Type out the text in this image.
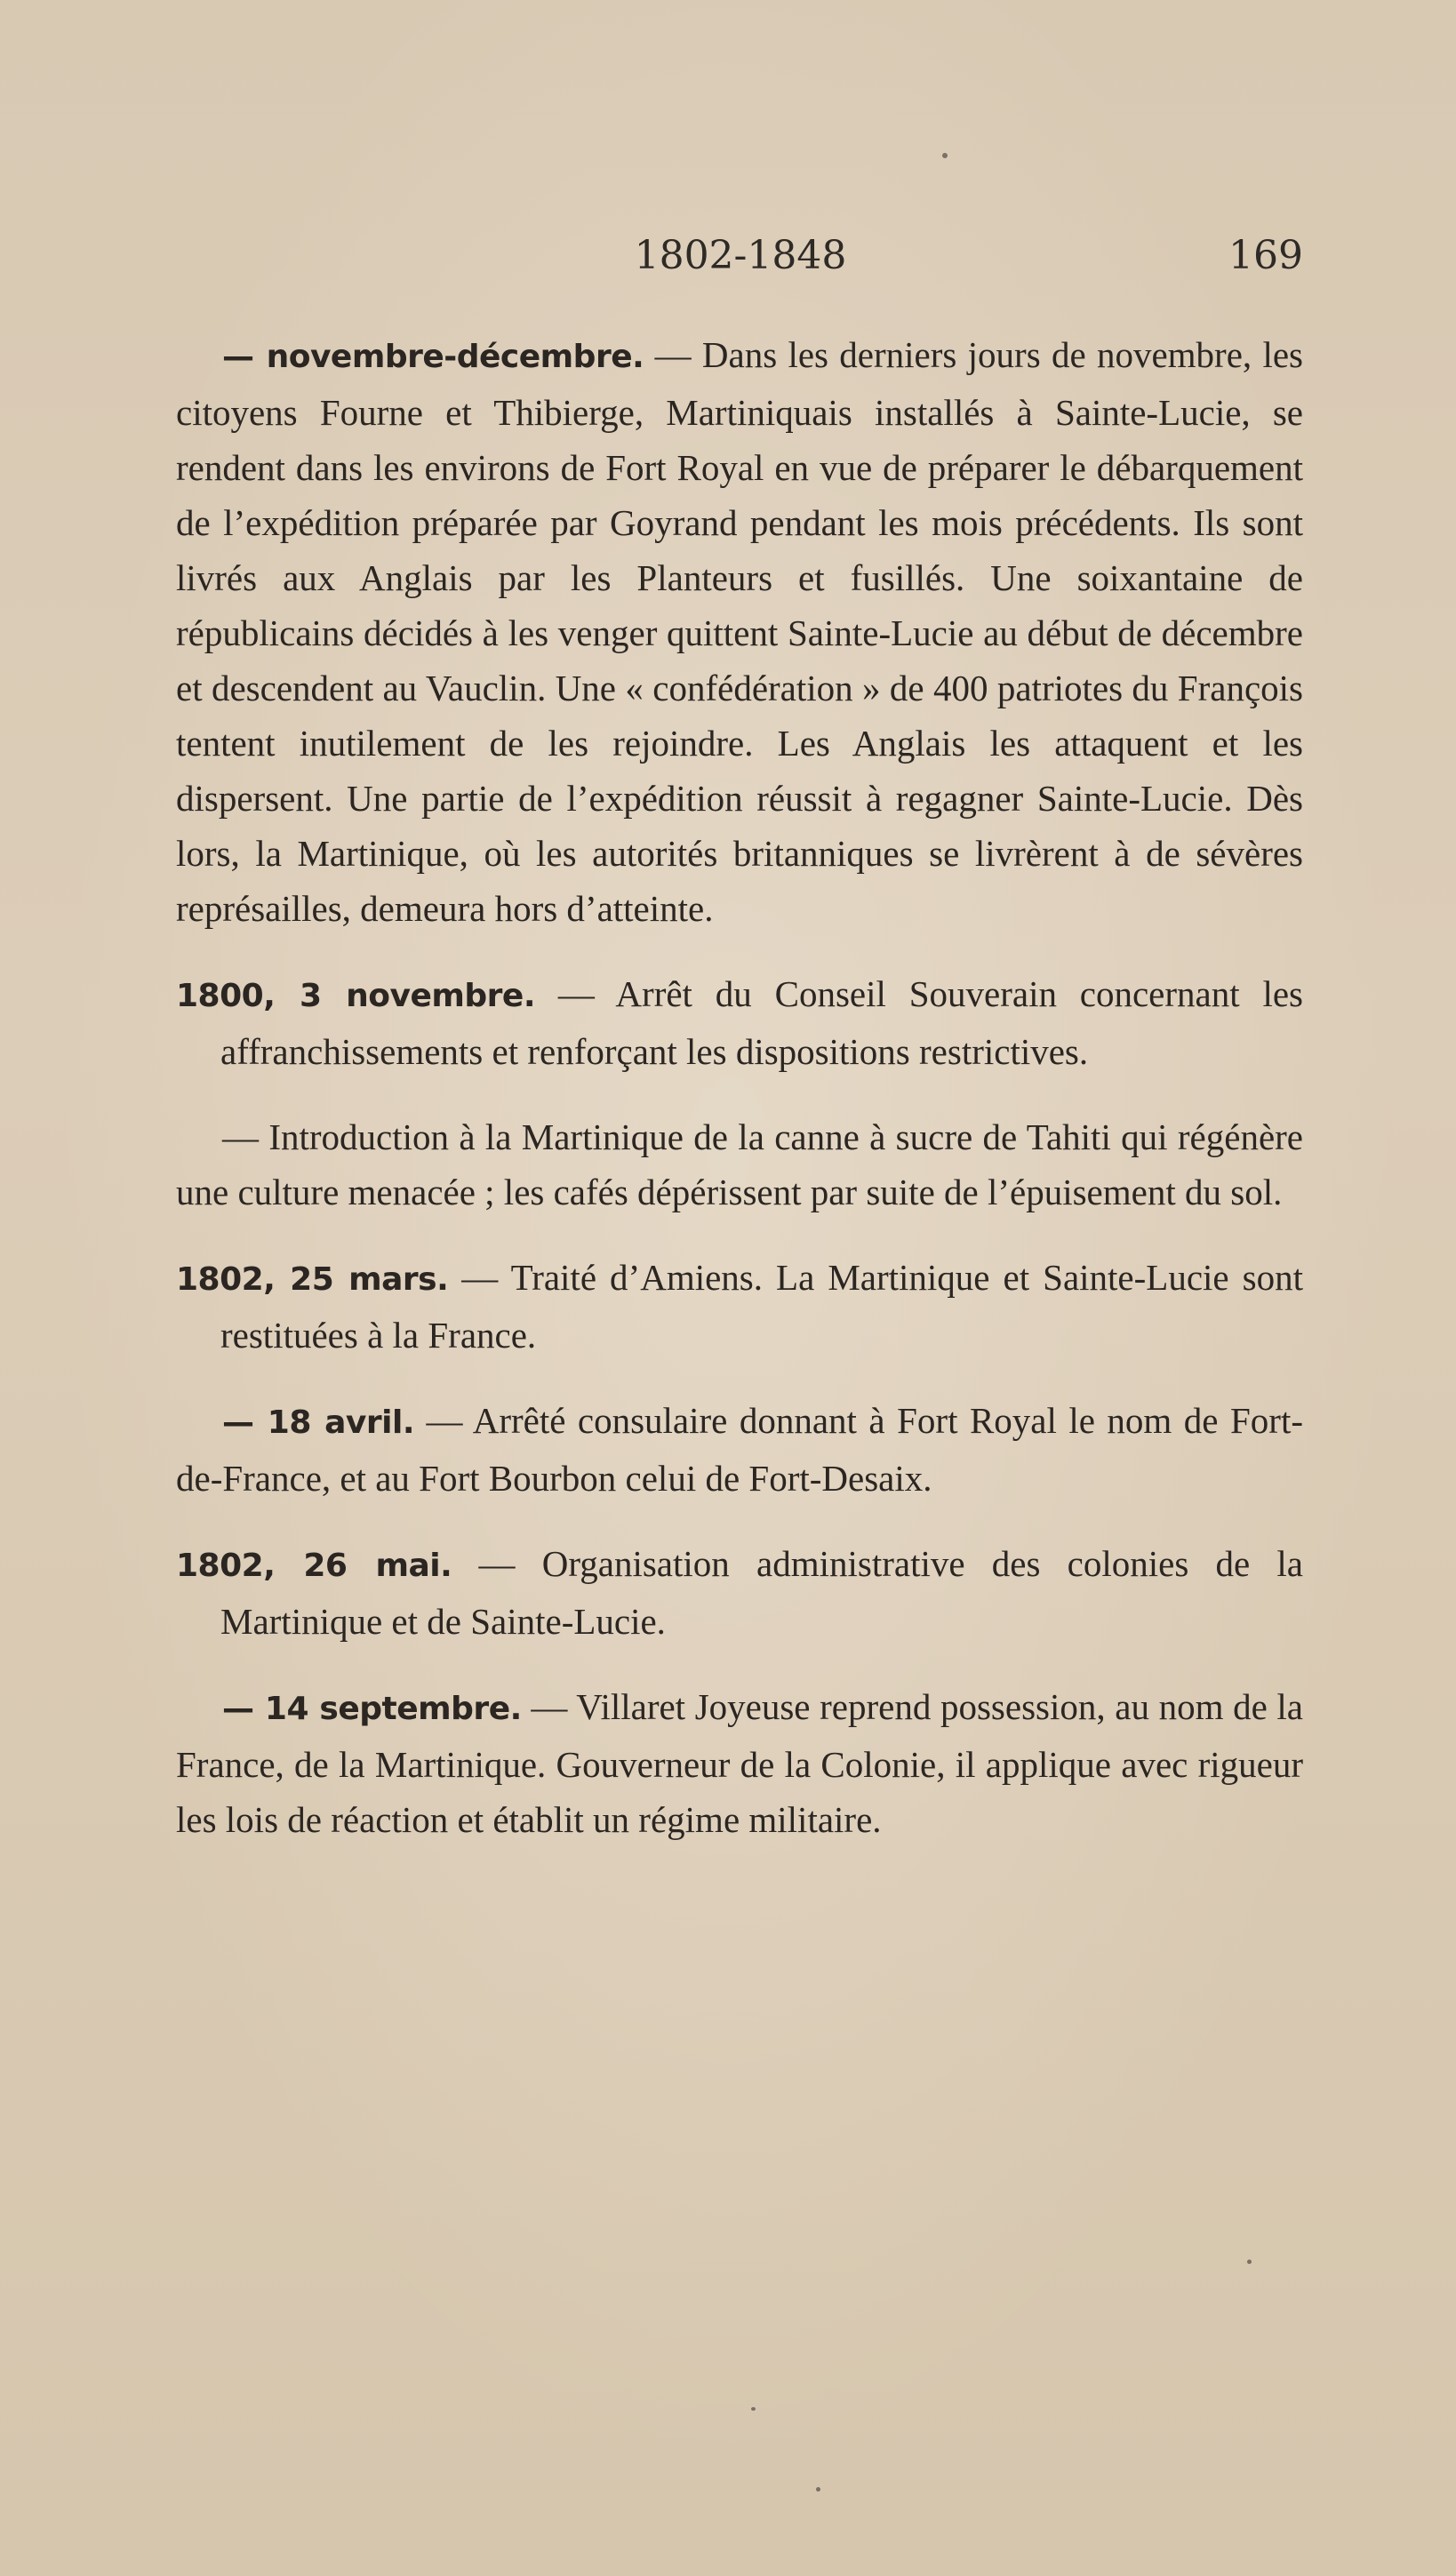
1802-1848	169

— novembre-décembre. — Dans les derniers jours de novembre, les citoyens Fourne et Thibierge, Martiniquais installés à Sainte-Lucie, se rendent dans les environs de Fort Royal en vue de préparer le débarquement de l’expédition préparée par Goyrand pendant les mois précédents. Ils sont livrés aux Anglais par les Planteurs et fusillés. Une soixantaine de républicains décidés à les venger quittent Sainte-Lucie au début de décembre et descendent au Vauclin. Une « confédération » de 400 patriotes du François tentent inutilement de les rejoindre. Les Anglais les attaquent et les dispersent. Une partie de l’expédition réussit à regagner Sainte-Lucie. Dès lors, la Martinique, où les autorités britanniques se livrèrent à de sévères représailles, demeura hors d’atteinte.

1800, 3 novembre. — Arrêt du Conseil Souverain concernant les affranchissements et renforçant les dispositions restrictives.

— Introduction à la Martinique de la canne à sucre de Tahiti qui régénère une culture menacée ; les cafés dépérissent par suite de l’épuisement du sol.

1802, 25 mars. — Traité d’Amiens. La Martinique et Sainte-Lucie sont restituées à la France.

— 18 avril. — Arrêté consulaire donnant à Fort Royal le nom de Fort-de-France, et au Fort Bourbon celui de Fort-Desaix.

1802, 26 mai. — Organisation administrative des colonies de la Martinique et de Sainte-Lucie.

— 14 septembre. — Villaret Joyeuse reprend possession, au nom de la France, de la Martinique. Gouverneur de la Colonie, il applique avec rigueur les lois de réaction et établit un régime militaire.
